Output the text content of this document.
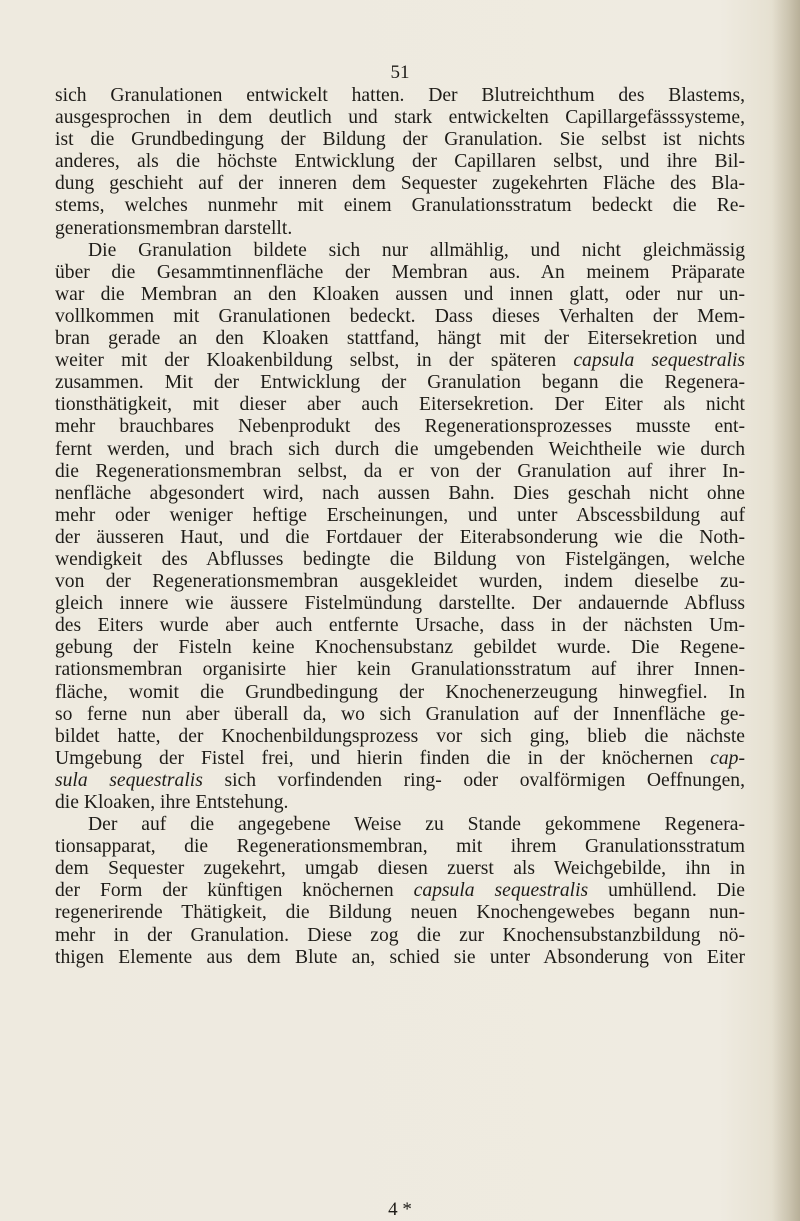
51
sich Granulationen entwickelt hatten. Der Blutreichthum des Blastems,
ausgesprochen in dem deutlich und stark entwickelten Capillargefässsysteme,
ist die Grundbedingung der Bildung der Granulation. Sie selbst ist nichts
anderes, als die höchste Entwicklung der Capillaren selbst, und ihre Bil-
dung geschieht auf der inneren dem Sequester zugekehrten Fläche des Bla-
stems, welches nunmehr mit einem Granulationsstratum bedeckt die Re-
generationsmembran darstellt.
Die Granulation bildete sich nur allmählig, und nicht gleichmässig
über die Gesammtinnenfläche der Membran aus. An meinem Präparate
war die Membran an den Kloaken aussen und innen glatt, oder nur un-
vollkommen mit Granulationen bedeckt. Dass dieses Verhalten der Mem-
bran gerade an den Kloaken stattfand, hängt mit der Eitersekretion und
weiter mit der Kloakenbildung selbst, in der späteren capsula sequestralis
zusammen. Mit der Entwicklung der Granulation begann die Regenera-
tionsthätigkeit, mit dieser aber auch Eitersekretion. Der Eiter als nicht
mehr brauchbares Nebenprodukt des Regenerationsprozesses musste ent-
fernt werden, und brach sich durch die umgebenden Weichtheile wie durch
die Regenerationsmembran selbst, da er von der Granulation auf ihrer In-
nenfläche abgesondert wird, nach aussen Bahn. Dies geschah nicht ohne
mehr oder weniger heftige Erscheinungen, und unter Abscessbildung auf
der äusseren Haut, und die Fortdauer der Eiterabsonderung wie die Noth-
wendigkeit des Abflusses bedingte die Bildung von Fistelgängen, welche
von der Regenerationsmembran ausgekleidet wurden, indem dieselbe zu-
gleich innere wie äussere Fistelmündung darstellte. Der andauernde Abfluss
des Eiters wurde aber auch entfernte Ursache, dass in der nächsten Um-
gebung der Fisteln keine Knochensubstanz gebildet wurde. Die Regene-
rationsmembran organisirte hier kein Granulationsstratum auf ihrer Innen-
fläche, womit die Grundbedingung der Knochenerzeugung hinwegfiel. In
so ferne nun aber überall da, wo sich Granulation auf der Innenfläche ge-
bildet hatte, der Knochenbildungsprozess vor sich ging, blieb die nächste
Umgebung der Fistel frei, und hierin finden die in der knöchernen cap-
sula sequestralis sich vorfindenden ring- oder ovalförmigen Oeffnungen,
die Kloaken, ihre Entstehung.
Der auf die angegebene Weise zu Stande gekommene Regenera-
tionsapparat, die Regenerationsmembran, mit ihrem Granulationsstratum
dem Sequester zugekehrt, umgab diesen zuerst als Weichgebilde, ihn in
der Form der künftigen knöchernen capsula sequestralis umhüllend. Die
regenerirende Thätigkeit, die Bildung neuen Knochengewebes begann nun-
mehr in der Granulation. Diese zog die zur Knochensubstanzbildung nö-
thigen Elemente aus dem Blute an, schied sie unter Absonderung von Eiter
4 *
